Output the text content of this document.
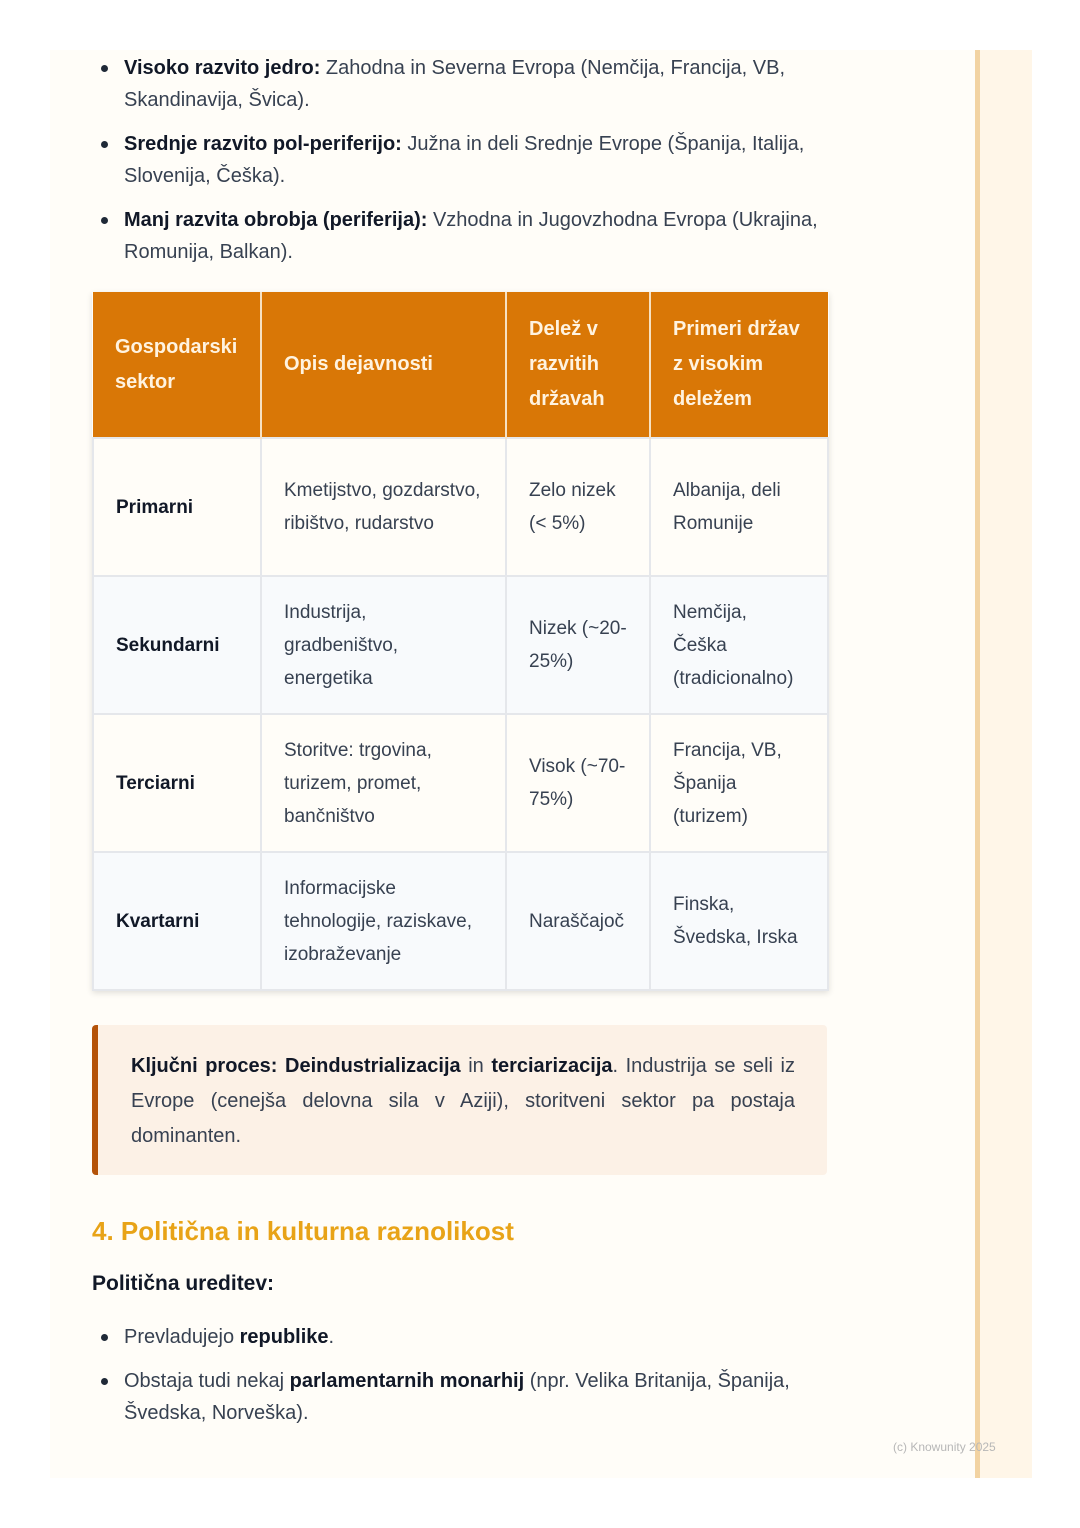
Visoko razvito jedro: Zahodna in Severna Evropa (Nemčija, Francija, VB, Skandinavija, Švica).
Srednje razvito pol-periferijo: Južna in deli Srednje Evrope (Španija, Italija, Slovenija, Češka).
Manj razvita obrobja (periferija): Vzhodna in Jugovzhodna Evropa (Ukrajina, Romunija, Balkan).
Gospodarski sektor	Opis dejavnosti	Delež v razvitih državah	Primeri držav z visokim deležem
Primarni	Kmetijstvo, gozdarstvo, ribištvo, rudarstvo	Zelo nizek (< 5%)	Albanija, deli Romunije
Sekundarni	Industrija, gradbeništvo, energetika	Nizek (~20-25%)	Nemčija, Češka (tradicionalno)
Terciarni	Storitve: trgovina, turizem, promet, bančništvo	Visok (~70-75%)	Francija, VB, Španija (turizem)
Kvartarni	Informacijske tehnologije, raziskave, izobraževanje	Naraščajoč	Finska, Švedska, Irska
Ključni proces: Deindustrializacija in terciarizacija. Industrija se seli iz Evrope (cenejša delovna sila v Aziji), storitveni sektor pa postaja dominanten.
4. Politična in kulturna raznolikost
Politična ureditev:
Prevladujejo republike.
Obstaja tudi nekaj parlamentarnih monarhij (npr. Velika Britanija, Španija, Švedska, Norveška).
(c) Knowunity 2025
